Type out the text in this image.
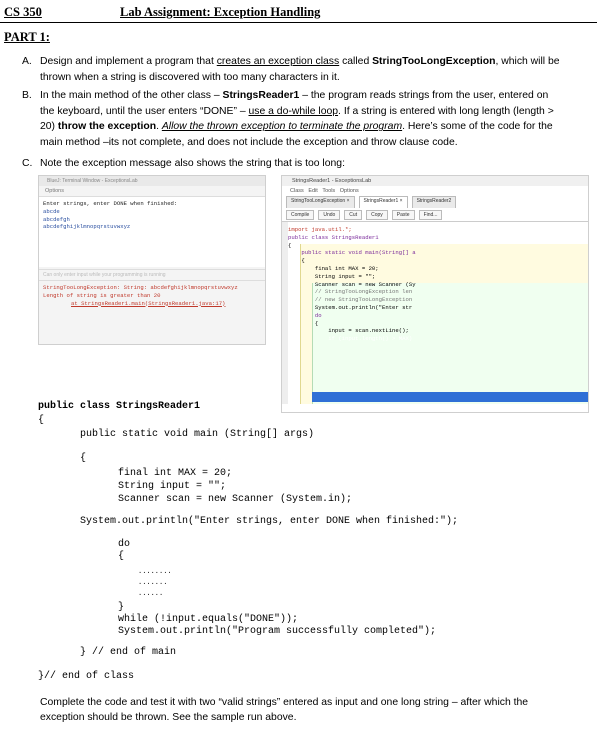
CS 350	Lab Assignment: Exception Handling
PART 1:
A. Design and implement a program that creates an exception class called StringTooLongException, which will be
thrown when a string is discovered with too many characters in it.
B. In the main method of the other class – StringsReader1 – the program reads strings from the user, entered on
the keyboard, until the user enters “DONE” – use a do-while loop. If a string is entered with long length (length >
20) throw the exception. Allow the thrown exception to terminate the program. Here’s some of the code for the
main method –its not complete, and does not include the exception and throw clause code.
C. Note the exception message also shows the string that is too long:
BlueJ: Terminal Window - ExceptionsLab
Options
Enter strings, enter DONE when finished:
abcde
abcdefgh
abcdefghijklmnopqrstuvwxyz
Can only enter input while your programming is running
StringTooLongException: String: abcdefghijklmnopqrstuvwxyz
Length of string is greater than 20
at StringsReader1.main(StringsReader1.java:17)
StringsReader1 - ExceptionsLab
Class Edit Tools Options
StringTooLongException ×	StringsReader1 ×	StringsReader2
Compile	Undo	Cut	Copy	Paste	Find...
import java.util.*;
public class StringsReader1
{
public static void main(String[] a
{
final int MAX = 20;
String input = "";
Scanner scan = new Scanner (Sy
// StringTooLongException len
// new StringTooLongException
System.out.println("Enter str
do
{
input = scan.nextLine();
if (input.length() > MAX)
public class StringsReader1
{
public static void main (String[] args)
{
final int MAX = 20;
String input = "";
Scanner scan = new Scanner (System.in);
System.out.println("Enter strings, enter DONE when finished:");
do
{
........
.......
......
}
while (!input.equals("DONE"));
System.out.println("Program successfully completed");
} // end of main
}// end of class
Complete the code and test it with two “valid strings” entered as input and one long string – after which the
exception should be thrown. See the sample run above.
